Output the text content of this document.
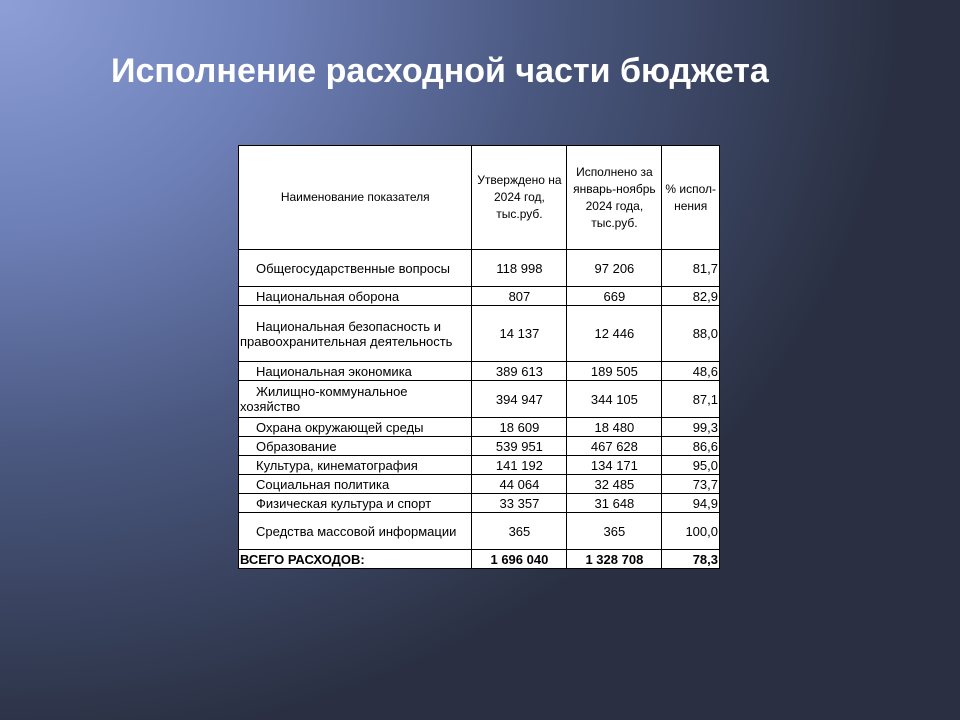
Исполнение расходной части бюджета
Наименование показателя	Утверждено на 2024 год, тыс.руб.	Исполнено за январь-ноябрь 2024 года, тыс.руб.	% испол-нения
Общегосударственные вопросы	118 998	97 206	81,7
Национальная оборона	807	669	82,9
Национальная безопасность и правоохранительная деятельность	14 137	12 446	88,0
Национальная экономика	389 613	189 505	48,6
Жилищно-коммунальное хозяйство	394 947	344 105	87,1
Охрана окружающей среды	18 609	18 480	99,3
Образование	539 951	467 628	86,6
Культура, кинематография	141 192	134 171	95,0
Социальная политика	44 064	32 485	73,7
Физическая культура и спорт	33 357	31 648	94,9
Средства массовой информации	365	365	100,0
ВСЕГО РАСХОДОВ:	1 696 040	1 328 708	78,3
